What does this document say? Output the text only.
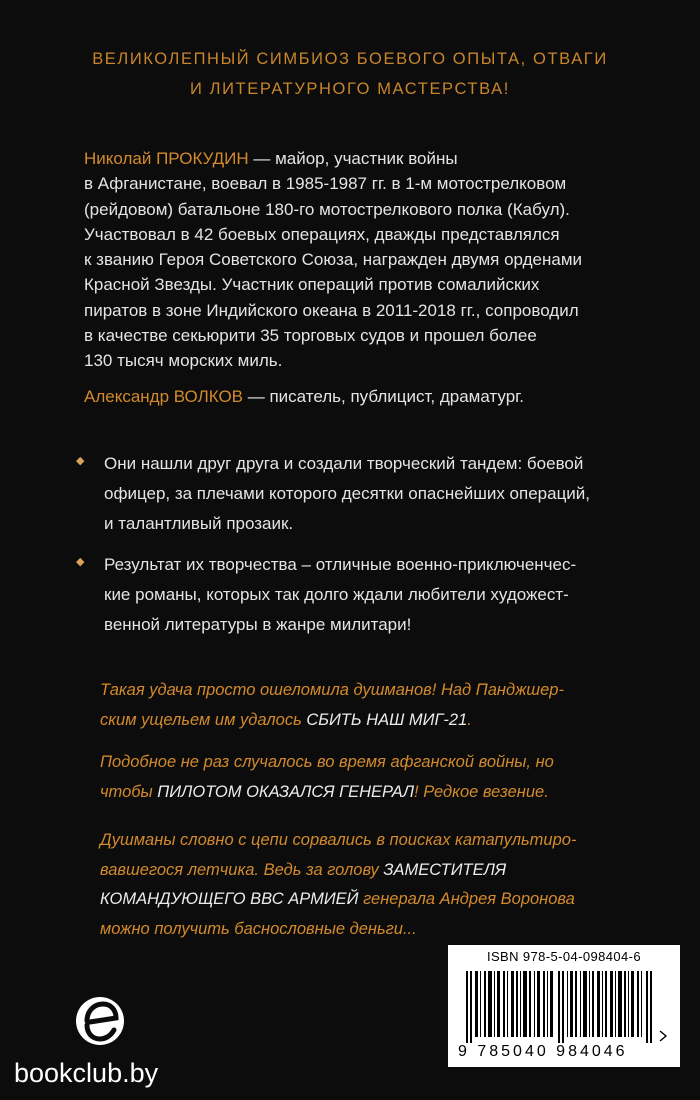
ВЕЛИКОЛЕПНЫЙ СИМБИОЗ БОЕВОГО ОПЫТА, ОТВАГИ
И ЛИТЕРАТУРНОГО МАСТЕРСТВА!
Николай ПРОКУДИН — майор, участник войны
в Афганистане, воевал в 1985-1987 гг. в 1-м мотострелковом
(рейдовом) батальоне 180-го мотострелкового полка (Кабул).
Участвовал в 42 боевых операциях, дважды представлялся
к званию Героя Советского Союза, награжден двумя орденами
Красной Звезды. Участник операций против сомалийских
пиратов в зоне Индийского океана в 2011-2018 гг., сопроводил
в качестве секьюрити 35 торговых судов и прошел более
130 тысяч морских миль.
Александр ВОЛКОВ — писатель, публицист, драматург.
◆ Они нашли друг друга и создали творческий тандем: боевой
офицер, за плечами которого десятки опаснейших операций,
и талантливый прозаик.
◆ Результат их творчества – отличные военно-приключенчес-
кие романы, которых так долго ждали любители художест-
венной литературы в жанре милитари!
Такая удача просто ошеломила душманов! Над Панджшер-
ским ущельем им удалось СБИТЬ НАШ МИГ-21.
Подобное не раз случалось во время афганской войны, но
чтобы ПИЛОТОМ ОКАЗАЛСЯ ГЕНЕРАЛ! Редкое везение.
Душманы словно с цепи сорвались в поисках катапультиро-
вавшегося летчика. Ведь за голову ЗАМЕСТИТЕЛЯ
КОМАНДУЮЩЕГО ВВС АРМИЕЙ генерала Андрея Воронова
можно получить баснословные деньги...
ISBN 978-5-04-098404-6
9 785040 984046
bookclub.by
